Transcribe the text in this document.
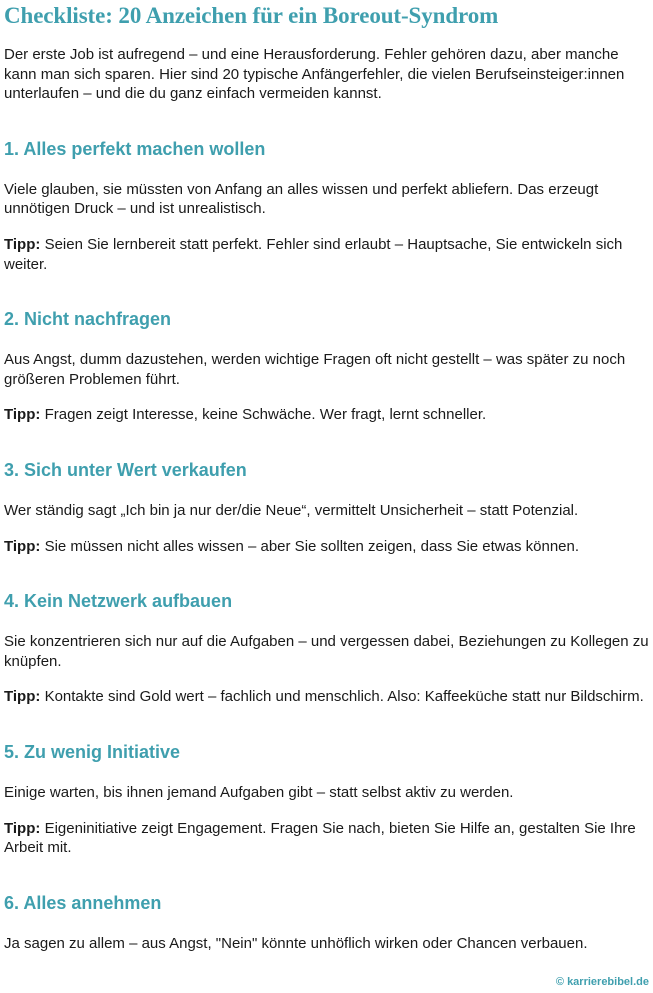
Checkliste: 20 Anzeichen für ein Boreout-Syndrom

Der erste Job ist aufregend – und eine Herausforderung. Fehler gehören dazu, aber manche kann man sich sparen. Hier sind 20 typische Anfängerfehler, die vielen Berufseinsteiger:innen unterlaufen – und die du ganz einfach vermeiden kannst.

1. Alles perfekt machen wollen

Viele glauben, sie müssten von Anfang an alles wissen und perfekt abliefern. Das erzeugt unnötigen Druck – und ist unrealistisch.

Tipp: Seien Sie lernbereit statt perfekt. Fehler sind erlaubt – Hauptsache, Sie entwickeln sich weiter.

2. Nicht nachfragen

Aus Angst, dumm dazustehen, werden wichtige Fragen oft nicht gestellt – was später zu noch größeren Problemen führt.

Tipp: Fragen zeigt Interesse, keine Schwäche. Wer fragt, lernt schneller.

3. Sich unter Wert verkaufen

Wer ständig sagt „Ich bin ja nur der/die Neue“, vermittelt Unsicherheit – statt Potenzial.

Tipp: Sie müssen nicht alles wissen – aber Sie sollten zeigen, dass Sie etwas können.

4. Kein Netzwerk aufbauen

Sie konzentrieren sich nur auf die Aufgaben – und vergessen dabei, Beziehungen zu Kollegen zu knüpfen.

Tipp: Kontakte sind Gold wert – fachlich und menschlich. Also: Kaffeeküche statt nur Bildschirm.

5. Zu wenig Initiative

Einige warten, bis ihnen jemand Aufgaben gibt – statt selbst aktiv zu werden.

Tipp: Eigeninitiative zeigt Engagement. Fragen Sie nach, bieten Sie Hilfe an, gestalten Sie Ihre Arbeit mit.

6. Alles annehmen

Ja sagen zu allem – aus Angst, "Nein" könnte unhöflich wirken oder Chancen verbauen.

© karrierebibel.de
